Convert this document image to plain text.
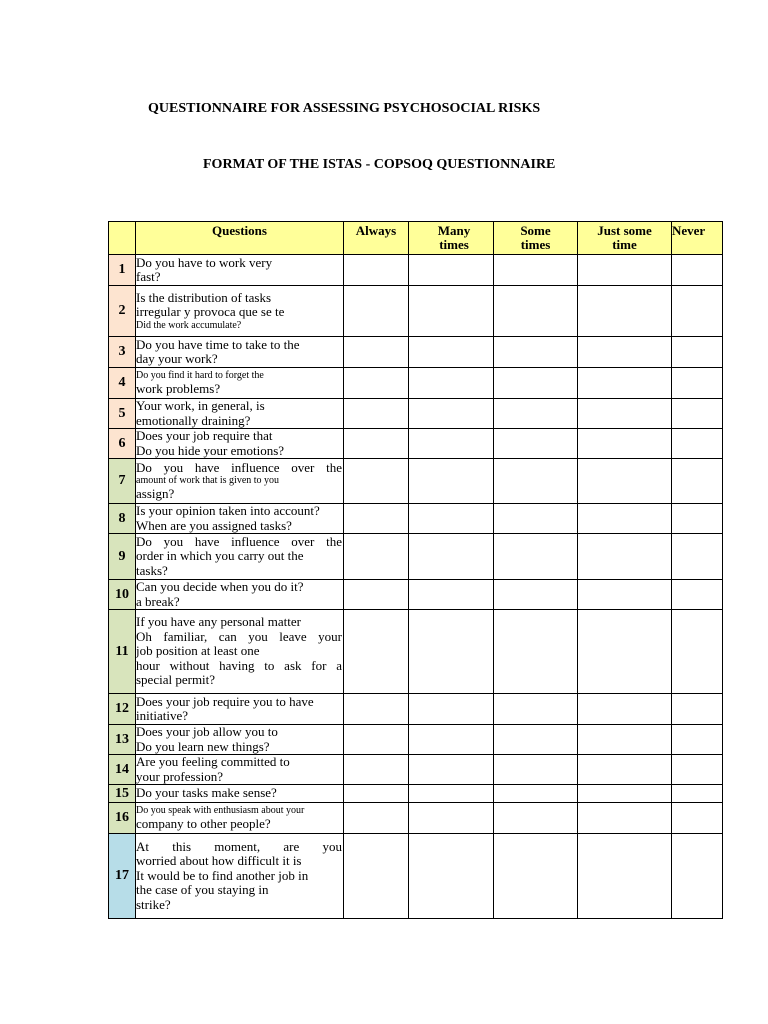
QUESTIONNAIRE FOR ASSESSING PSYCHOSOCIAL RISKS
FORMAT OF THE ISTAS - COPSOQ QUESTIONNAIRE
	Questions	Always	Many times	Some times	Just some time	Never
1	Do you have to work very
fast?					

2	Is the distribution of tasks
irregular y provoca que se te
Did the work accumulate?					

3	Do you have time to take to the
day your work?					

4	Do you find it hard to forget the
work problems?					

5	Your work, in general, is
emotionally draining?					

6	Does your job require that
Do you hide your emotions?					

7	Do you have influence over the
amount of work that is given to you
assign?					

8	Is your opinion taken into account?
When are you assigned tasks?					

9	Do you have influence over the
order in which you carry out the
tasks?					

10	Can you decide when you do it?
a break?					

11	If you have any personal matter
Oh familiar, can you leave your
job position at least one
hour without having to ask for a
special permit?					

12	Does your job require you to have
initiative?					

13	Does your job allow you to
Do you learn new things?					

14	Are you feeling committed to
your profession?					

15	Do your tasks make sense?					

16	Do you speak with enthusiasm about your
company to other people?					

17	At this moment, are you
worried about how difficult it is
It would be to find another job in
the case of you staying in
strike?					
